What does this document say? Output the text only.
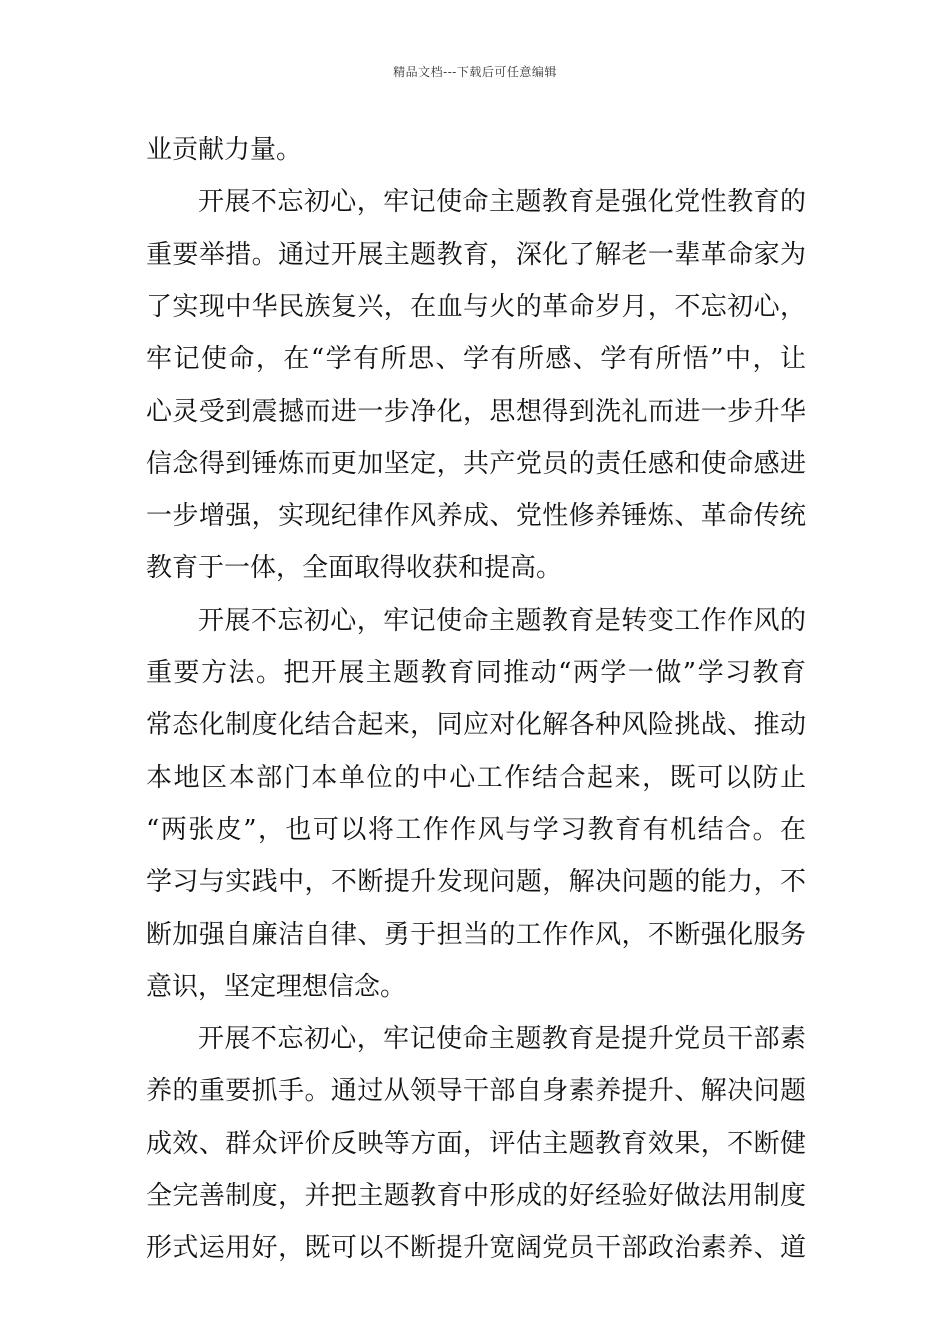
精品文档---下载后可任意编辑
业贡献力量。
开展不忘初心，牢记使命主题教育是强化党性教育的
重要举措。通过开展主题教育，深化了解老一辈革命家为
了实现中华民族复兴，在血与火的革命岁月，不忘初心，
牢记使命，在“学有所思、学有所感、学有所悟”中，让
心灵受到震撼而进一步净化，思想得到洗礼而进一步升华
信念得到锤炼而更加坚定，共产党员的责任感和使命感进
一步增强，实现纪律作风养成、党性修养锤炼、革命传统
教育于一体，全面取得收获和提高。
开展不忘初心，牢记使命主题教育是转变工作作风的
重要方法。把开展主题教育同推动“两学一做”学习教育
常态化制度化结合起来，同应对化解各种风险挑战、推动
本地区本部门本单位的中心工作结合起来，既可以防止
“两张皮”，也可以将工作作风与学习教育有机结合。在
学习与实践中，不断提升发现问题，解决问题的能力，不
断加强自廉洁自律、勇于担当的工作作风，不断强化服务
意识，坚定理想信念。
开展不忘初心，牢记使命主题教育是提升党员干部素
养的重要抓手。通过从领导干部自身素养提升、解决问题
成效、群众评价反映等方面，评估主题教育效果，不断健
全完善制度，并把主题教育中形成的好经验好做法用制度
形式运用好，既可以不断提升宽阔党员干部政治素养、道
